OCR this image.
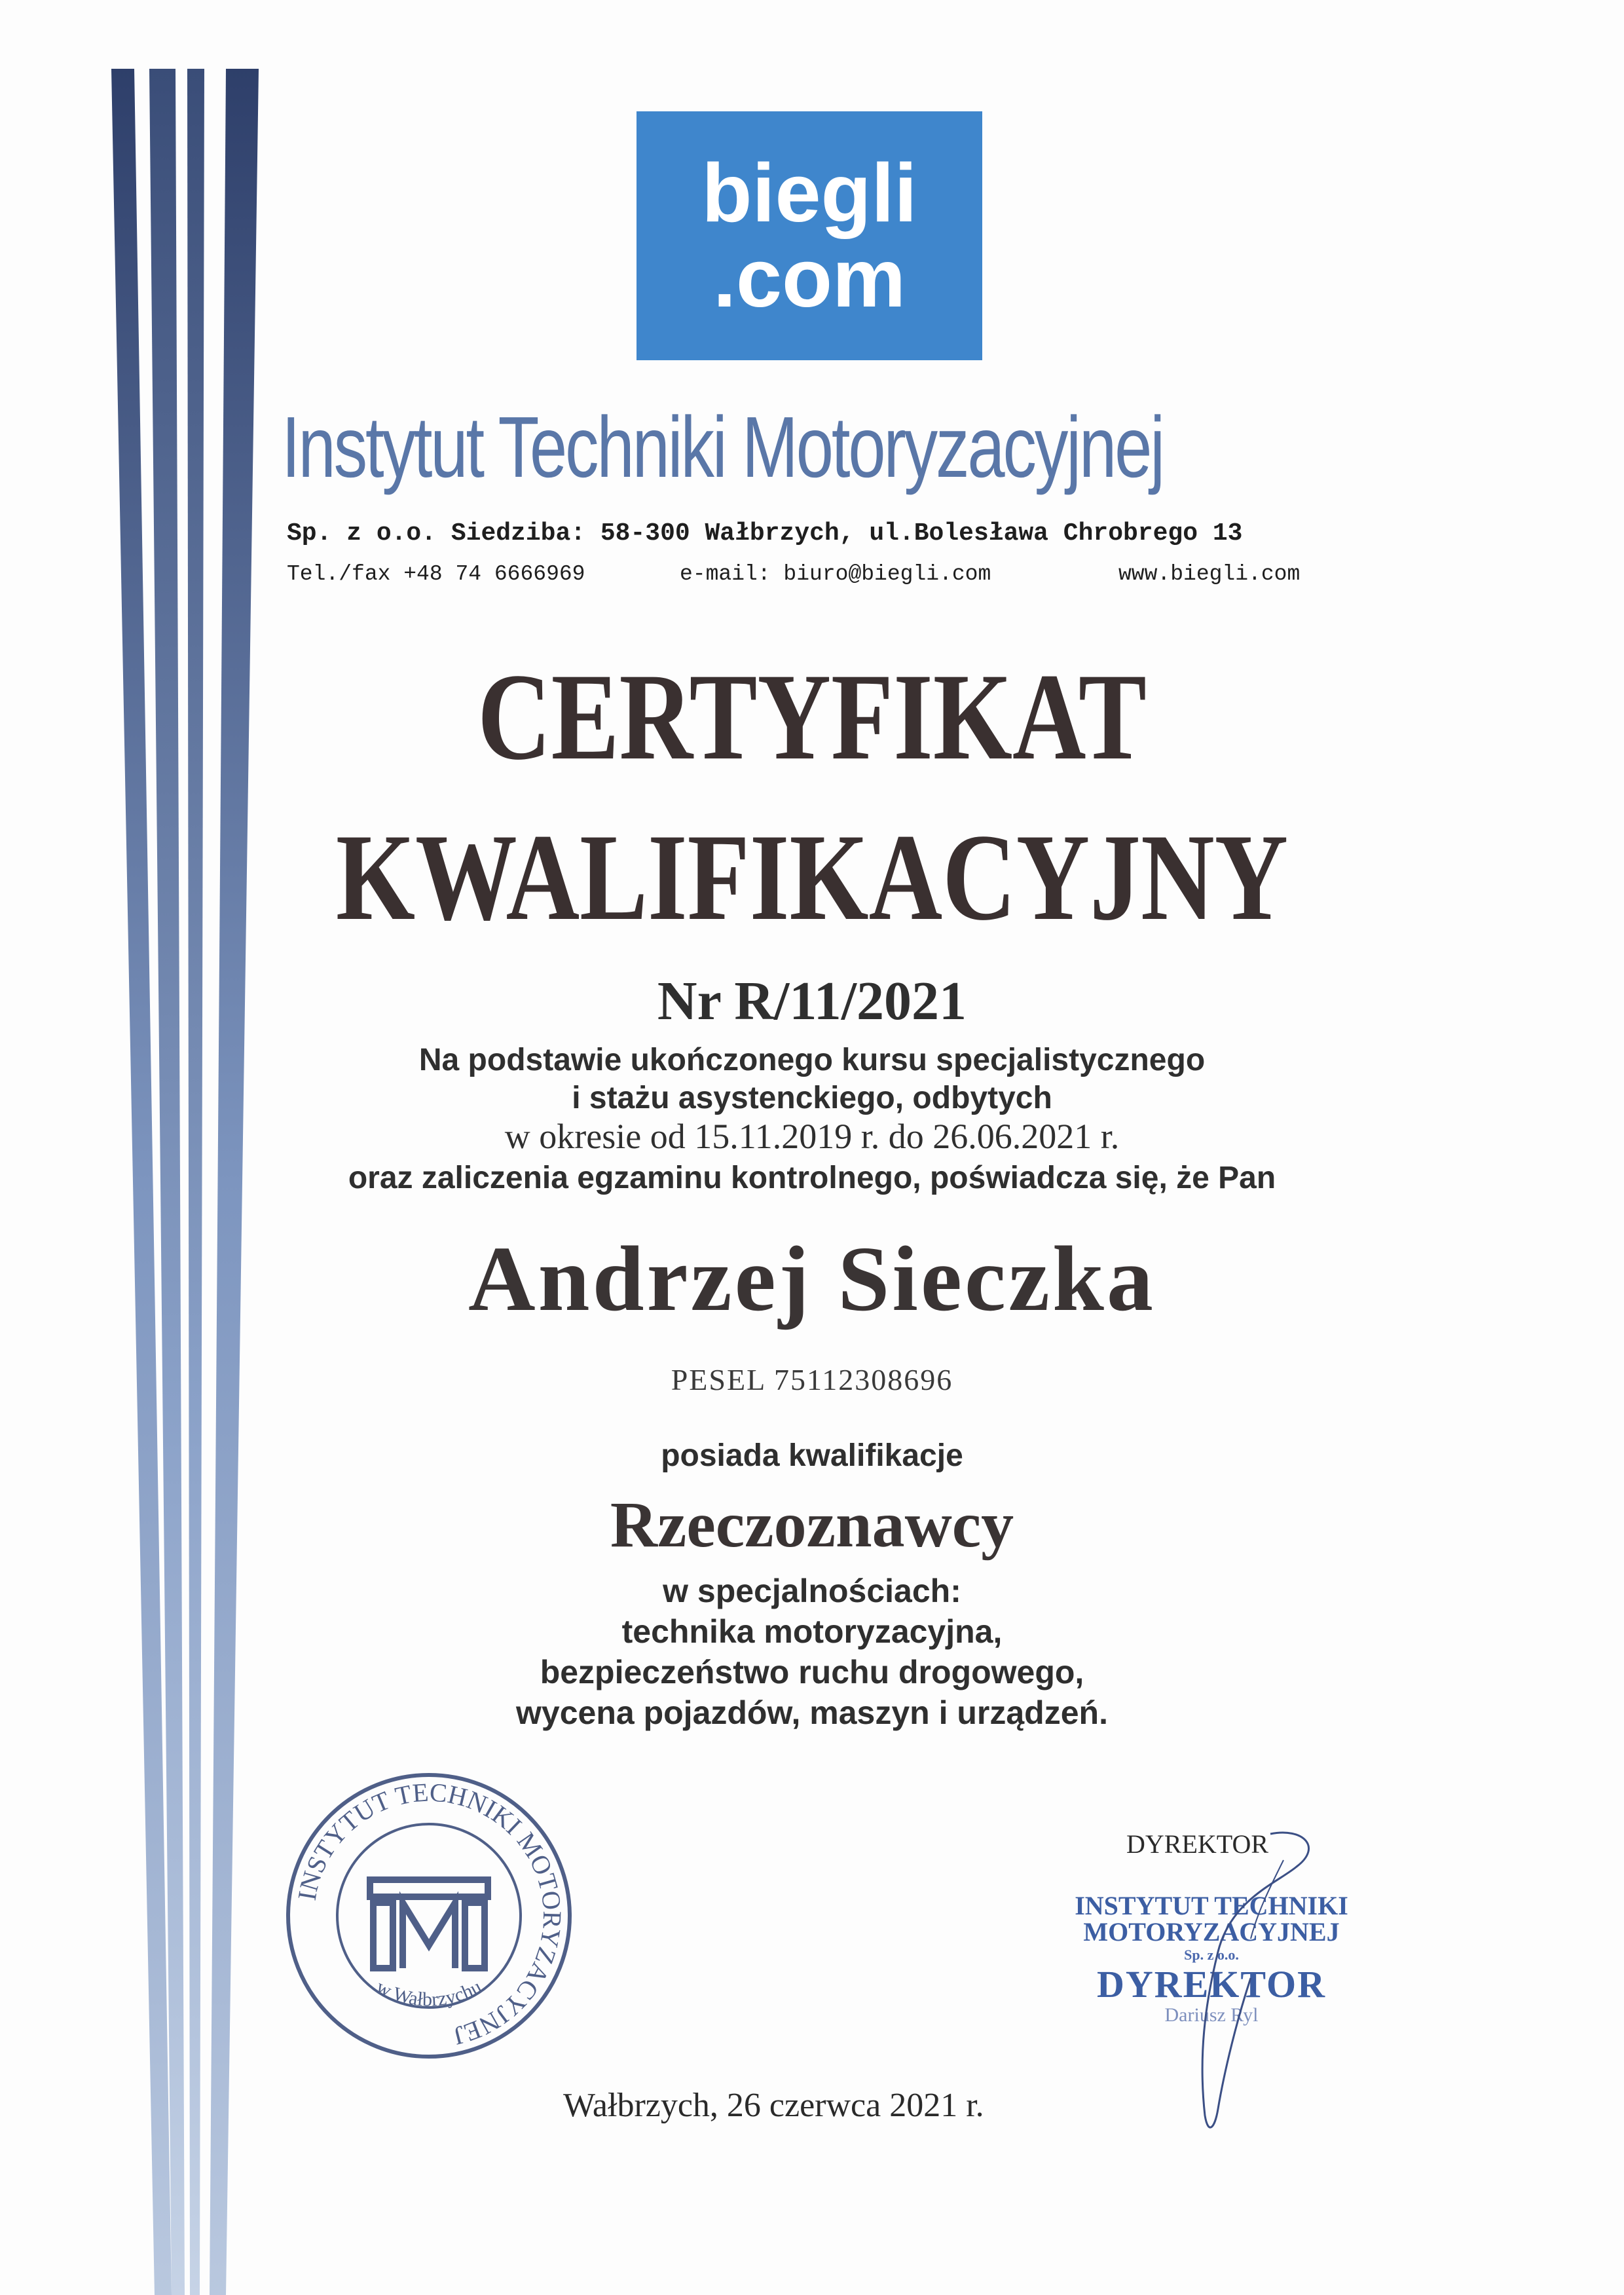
biegli
.com
Instytut Techniki Motoryzacyjnej
Sp. z o.o. Siedziba: 58-300 Wałbrzych, ul.Bolesława Chrobrego 13
Tel./fax +48 74 6666969	e-mail: biuro@biegli.com	www.biegli.com
CERTYFIKAT
KWALIFIKACYJNY
Nr R/11/2021
Na podstawie ukończonego kursu specjalistycznego
i stażu asystenckiego, odbytych
w okresie od 15.11.2019 r. do 26.06.2021 r.
oraz zaliczenia egzaminu kontrolnego, poświadcza się, że Pan
Andrzej Sieczka
PESEL 75112308696
posiada kwalifikacje
Rzeczoznawcy
w specjalnościach:
technika motoryzacyjna,
bezpieczeństwo ruchu drogowego,
wycena pojazdów, maszyn i urządzeń.
INSTYTUT TECHNIKI MOTORYZACYJNEJ
w Wałbrzychu
DYREKTOR
INSTYTUT TECHNIKI
MOTORYZACYJNEJ
Sp. z o.o.
DYREKTOR
Dariusz Ryl
Wałbrzych, 26 czerwca 2021 r.
